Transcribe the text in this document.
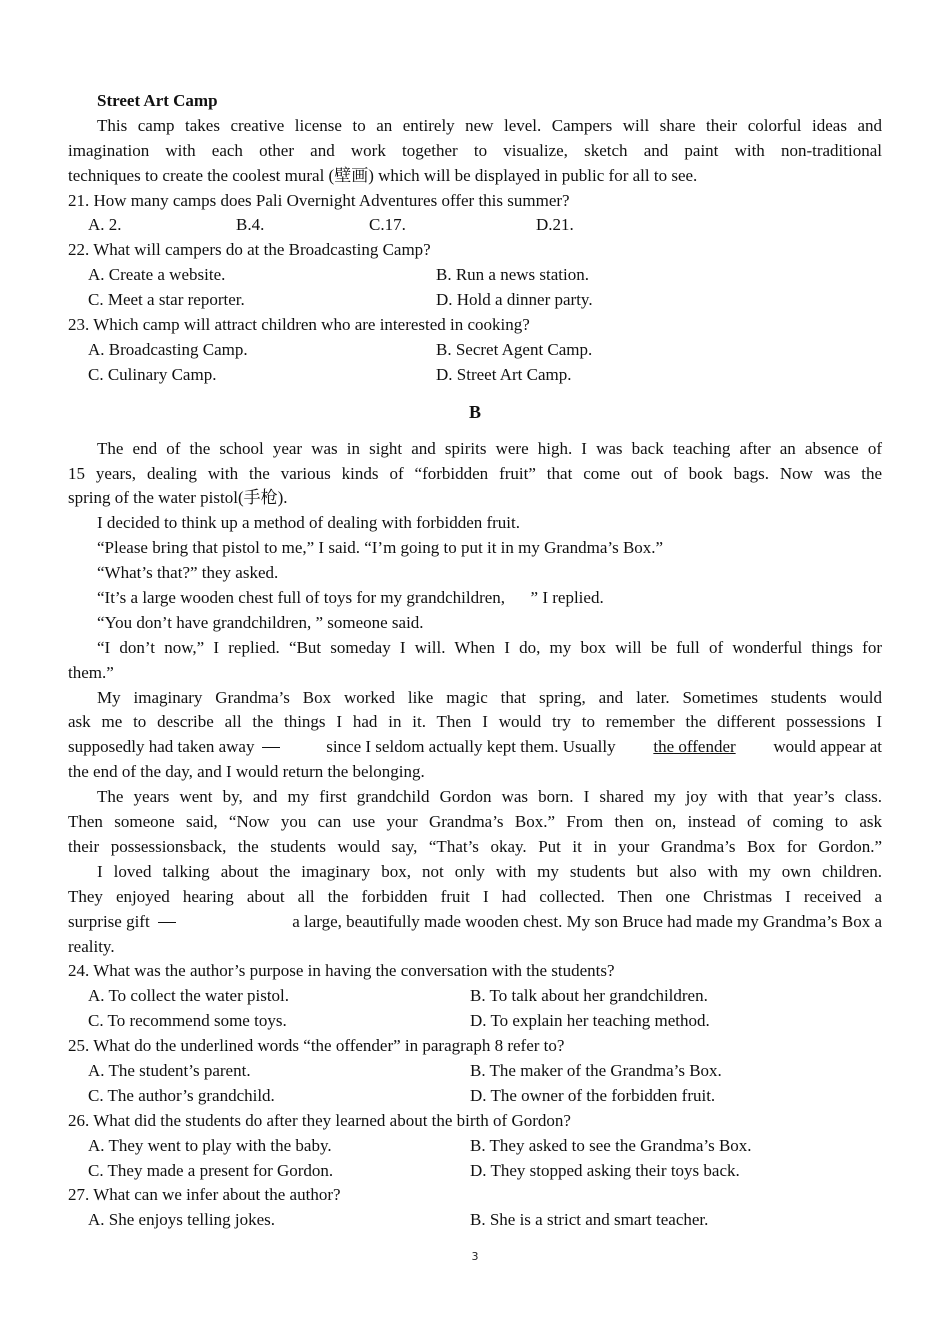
Street Art Camp
This camp takes creative license to an entirely new level. Campers will share their colorful ideas and
imagination with each other and work together to visualize, sketch and paint with non-traditional
techniques to create the coolest mural (壁画) which will be displayed in public for all to see.
21. How many camps does Pali Overnight Adventures offer this summer?
A. 2.	B.4.	C.17.	D.21.
22. What will campers do at the Broadcasting Camp?
A. Create a website.	B. Run a news station.
C. Meet a star reporter.	D. Hold a dinner party.
23. Which camp will attract children who are interested in cooking?
A. Broadcasting Camp.	B. Secret Agent Camp.
C. Culinary Camp.	D. Street Art Camp.
B
The end of the school year was in sight and spirits were high. I was back teaching after an absence of
15 years, dealing with the various kinds of “forbidden fruit” that come out of book bags. Now was the
spring of the water pistol(手枪).
I decided to think up a method of dealing with forbidden fruit.
“Please bring that pistol to me,” I said. “I’m going to put it in my Grandma’s Box.”
“What’s that?” they asked.
“It’s a large wooden chest full of toys for my grandchildren,      ” I replied.
“You don’t have grandchildren, ” someone said.
“I don’t now,” I replied. “But someday I will. When I do, my box will be full of wonderful things for
them.”
My imaginary Grandma’s Box worked like magic that spring, and later. Sometimes students would
ask me to describe all the things I had in it. Then I would try to remember the different possessions I
supposedly had taken away	since I seldom actually kept them. Usually the offender would appear at
the end of the day, and I would return the belonging.
The years went by, and my first grandchild Gordon was born. I shared my joy with that year’s class.
Then someone said, “Now you can use your Grandma’s Box.” From then on, instead of coming to ask
their possessionsback, the students would say, “That’s okay. Put it in your Grandma’s Box for Gordon.”
I loved talking about the imaginary box, not only with my students but also with my own children.
They enjoyed hearing about all the forbidden fruit I had collected. Then one Christmas I received a
surprise gift	a large, beautifully made wooden chest. My son Bruce had made my Grandma’s Box a
reality.
24. What was the author’s purpose in having the conversation with the students?
A. To collect the water pistol.	B. To talk about her grandchildren.
C. To recommend some toys.	D. To explain her teaching method.
25. What do the underlined words “the offender” in paragraph 8 refer to?
A. The student’s parent.	B. The maker of the Grandma’s Box.
C. The author’s grandchild.	D. The owner of the forbidden fruit.
26. What did the students do after they learned about the birth of Gordon?
A. They went to play with the baby.	B. They asked to see the Grandma’s Box.
C. They made a present for Gordon.	D. They stopped asking their toys back.
27. What can we infer about the author?
A. She enjoys telling jokes.	B. She is a strict and smart teacher.
3
